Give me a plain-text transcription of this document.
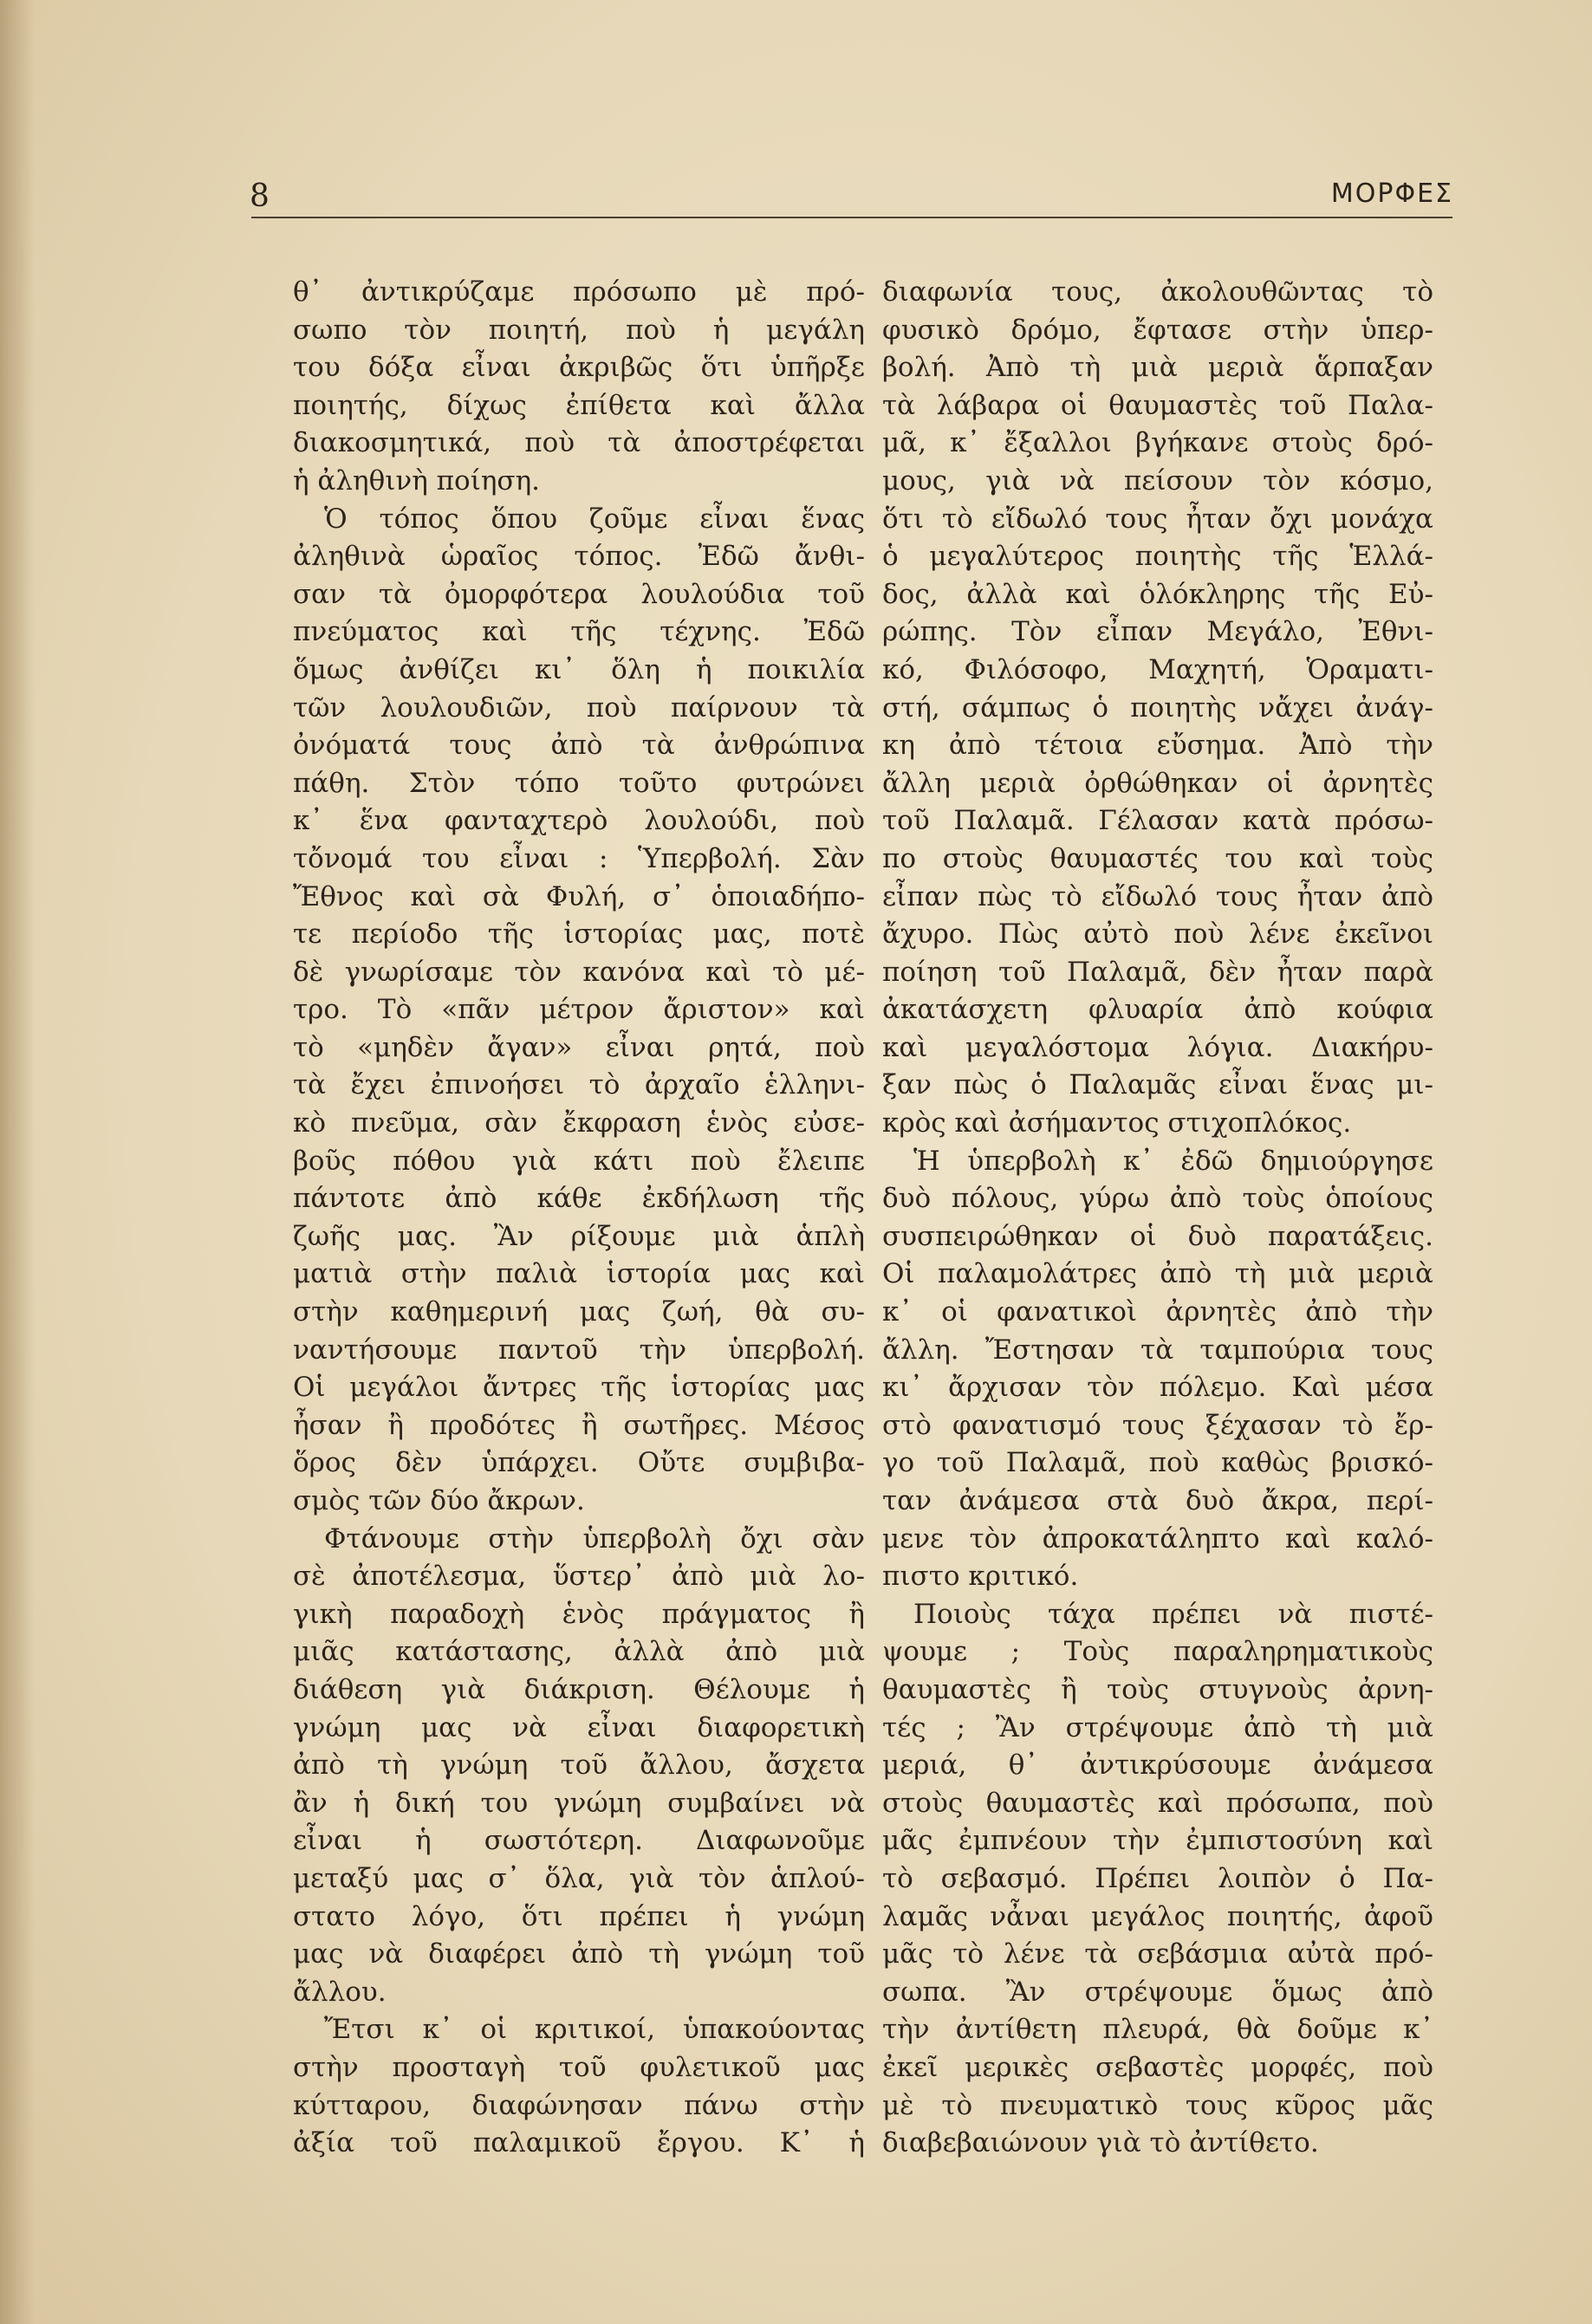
8	ΜΟΡΦΕΣ
θ᾿ ἀντικρύζαμε πρόσωπο μὲ πρό-
σωπο τὸν ποιητή, ποὺ ἡ μεγάλη
του δόξα εἶναι ἀκριβῶς ὅτι ὑπῆρξε
ποιητής, δίχως ἐπίθετα καὶ ἄλλα
διακοσμητικά, ποὺ τὰ ἀποστρέφεται
ἡ ἀληθινὴ ποίηση.
Ὁ τόπος ὅπου ζοῦμε εἶναι ἕνας
ἀληθινὰ ὡραῖος τόπος. Ἐδῶ ἄνθι-
σαν τὰ ὀμορφότερα λουλούδια τοῦ
πνεύματος καὶ τῆς τέχνης. Ἐδῶ
ὅμως ἀνθίζει κι᾿ ὅλη ἡ ποικιλία
τῶν λουλουδιῶν, ποὺ παίρνουν τὰ
ὀνόματά τους ἀπὸ τὰ ἀνθρώπινα
πάθη. Στὸν τόπο τοῦτο φυτρώνει
κ᾿ ἕνα φανταχτερὸ λουλούδι, ποὺ
τὄνομά του εἶναι : Ὑπερβολή. Σὰν
Ἔθνος καὶ σὰ Φυλή, σ᾿ ὁποιαδήπο-
τε περίοδο τῆς ἱστορίας μας, ποτὲ
δὲ γνωρίσαμε τὸν κανόνα καὶ τὸ μέ-
τρο. Τὸ «πᾶν μέτρον ἄριστον» καὶ
τὸ «μηδὲν ἄγαν» εἶναι ρητά, ποὺ
τὰ ἔχει ἐπινοήσει τὸ ἀρχαῖο ἑλληνι-
κὸ πνεῦμα, σὰν ἔκφραση ἑνὸς εὐσε-
βοῦς πόθου γιὰ κάτι ποὺ ἔλειπε
πάντοτε ἀπὸ κάθε ἐκδήλωση τῆς
ζωῆς μας. Ἂν ρίξουμε μιὰ ἁπλὴ
ματιὰ στὴν παλιὰ ἱστορία μας καὶ
στὴν καθημερινή μας ζωή, θὰ συ-
ναντήσουμε παντοῦ τὴν ὑπερβολή.
Οἱ μεγάλοι ἄντρες τῆς ἱστορίας μας
ἦσαν ἢ προδότες ἢ σωτῆρες. Μέσος
ὅρος δὲν ὑπάρχει. Οὔτε συμβιβα-
σμὸς τῶν δύο ἄκρων.
Φτάνουμε στὴν ὑπερβολὴ ὄχι σὰν
σὲ ἀποτέλεσμα, ὕστερ᾿ ἀπὸ μιὰ λο-
γικὴ παραδοχὴ ἑνὸς πράγματος ἢ
μιᾶς κατάστασης, ἀλλὰ ἀπὸ μιὰ
διάθεση γιὰ διάκριση. Θέλουμε ἡ
γνώμη μας νὰ εἶναι διαφορετικὴ
ἀπὸ τὴ γνώμη τοῦ ἄλλου, ἄσχετα
ἂν ἡ δική του γνώμη συμβαίνει νὰ
εἶναι ἡ σωστότερη. Διαφωνοῦμε
μεταξύ μας σ᾿ ὅλα, γιὰ τὸν ἁπλού-
στατο λόγο, ὅτι πρέπει ἡ γνώμη
μας νὰ διαφέρει ἀπὸ τὴ γνώμη τοῦ
ἄλλου.
Ἔτσι κ᾿ οἱ κριτικοί, ὑπακούοντας
στὴν προσταγὴ τοῦ φυλετικοῦ μας
κύτταρου, διαφώνησαν πάνω στὴν
ἀξία τοῦ παλαμικοῦ ἔργου. Κ᾿ ἡ
διαφωνία τους, ἀκολουθῶντας τὸ
φυσικὸ δρόμο, ἔφτασε στὴν ὑπερ-
βολή. Ἀπὸ τὴ μιὰ μεριὰ ἅρπαξαν
τὰ λάβαρα οἱ θαυμαστὲς τοῦ Παλα-
μᾶ, κ᾿ ἔξαλλοι βγήκανε στοὺς δρό-
μους, γιὰ νὰ πείσουν τὸν κόσμο,
ὅτι τὸ εἴδωλό τους ἦταν ὄχι μονάχα
ὁ μεγαλύτερος ποιητὴς τῆς Ἑλλά-
δος, ἀλλὰ καὶ ὁλόκληρης τῆς Εὐ-
ρώπης. Τὸν εἶπαν Μεγάλο, Ἐθνι-
κό, Φιλόσοφο, Μαχητή, Ὁραματι-
στή, σάμπως ὁ ποιητὴς νἄχει ἀνάγ-
κη ἀπὸ τέτοια εὔσημα. Ἀπὸ τὴν
ἄλλη μεριὰ ὀρθώθηκαν οἱ ἀρνητὲς
τοῦ Παλαμᾶ. Γέλασαν κατὰ πρόσω-
πο στοὺς θαυμαστές του καὶ τοὺς
εἶπαν πὼς τὸ εἴδωλό τους ἦταν ἀπὸ
ἄχυρο. Πὼς αὐτὸ ποὺ λένε ἐκεῖνοι
ποίηση τοῦ Παλαμᾶ, δὲν ἦταν παρὰ
ἀκατάσχετη φλυαρία ἀπὸ κούφια
καὶ μεγαλόστομα λόγια. Διακήρυ-
ξαν πὼς ὁ Παλαμᾶς εἶναι ἕνας μι-
κρὸς καὶ ἀσήμαντος στιχοπλόκος.
Ἡ ὑπερβολὴ κ᾿ ἐδῶ δημιούργησε
δυὸ πόλους, γύρω ἀπὸ τοὺς ὁποίους
συσπειρώθηκαν οἱ δυὸ παρατάξεις.
Οἱ παλαμολάτρες ἀπὸ τὴ μιὰ μεριὰ
κ᾿ οἱ φανατικοὶ ἀρνητὲς ἀπὸ τὴν
ἄλλη. Ἔστησαν τὰ ταμπούρια τους
κι᾿ ἄρχισαν τὸν πόλεμο. Καὶ μέσα
στὸ φανατισμό τους ξέχασαν τὸ ἔρ-
γο τοῦ Παλαμᾶ, ποὺ καθὼς βρισκό-
ταν ἀνάμεσα στὰ δυὸ ἄκρα, περί-
μενε τὸν ἀπροκατάληπτο καὶ καλό-
πιστο κριτικό.
Ποιοὺς τάχα πρέπει νὰ πιστέ-
ψουμε ; Τοὺς παραληρηματικοὺς
θαυμαστὲς ἢ τοὺς στυγνοὺς ἀρνη-
τές ; Ἂν στρέψουμε ἀπὸ τὴ μιὰ
μεριά, θ᾿ ἀντικρύσουμε ἀνάμεσα
στοὺς θαυμαστὲς καὶ πρόσωπα, ποὺ
μᾶς ἐμπνέουν τὴν ἐμπιστοσύνη καὶ
τὸ σεβασμό. Πρέπει λοιπὸν ὁ Πα-
λαμᾶς νἆναι μεγάλος ποιητής, ἀφοῦ
μᾶς τὸ λένε τὰ σεβάσμια αὐτὰ πρό-
σωπα. Ἂν στρέψουμε ὅμως ἀπὸ
τὴν ἀντίθετη πλευρά, θὰ δοῦμε κ᾿
ἐκεῖ μερικὲς σεβαστὲς μορφές, ποὺ
μὲ τὸ πνευματικὸ τους κῦρος μᾶς
διαβεβαιώνουν γιὰ τὸ ἀντίθετο.
